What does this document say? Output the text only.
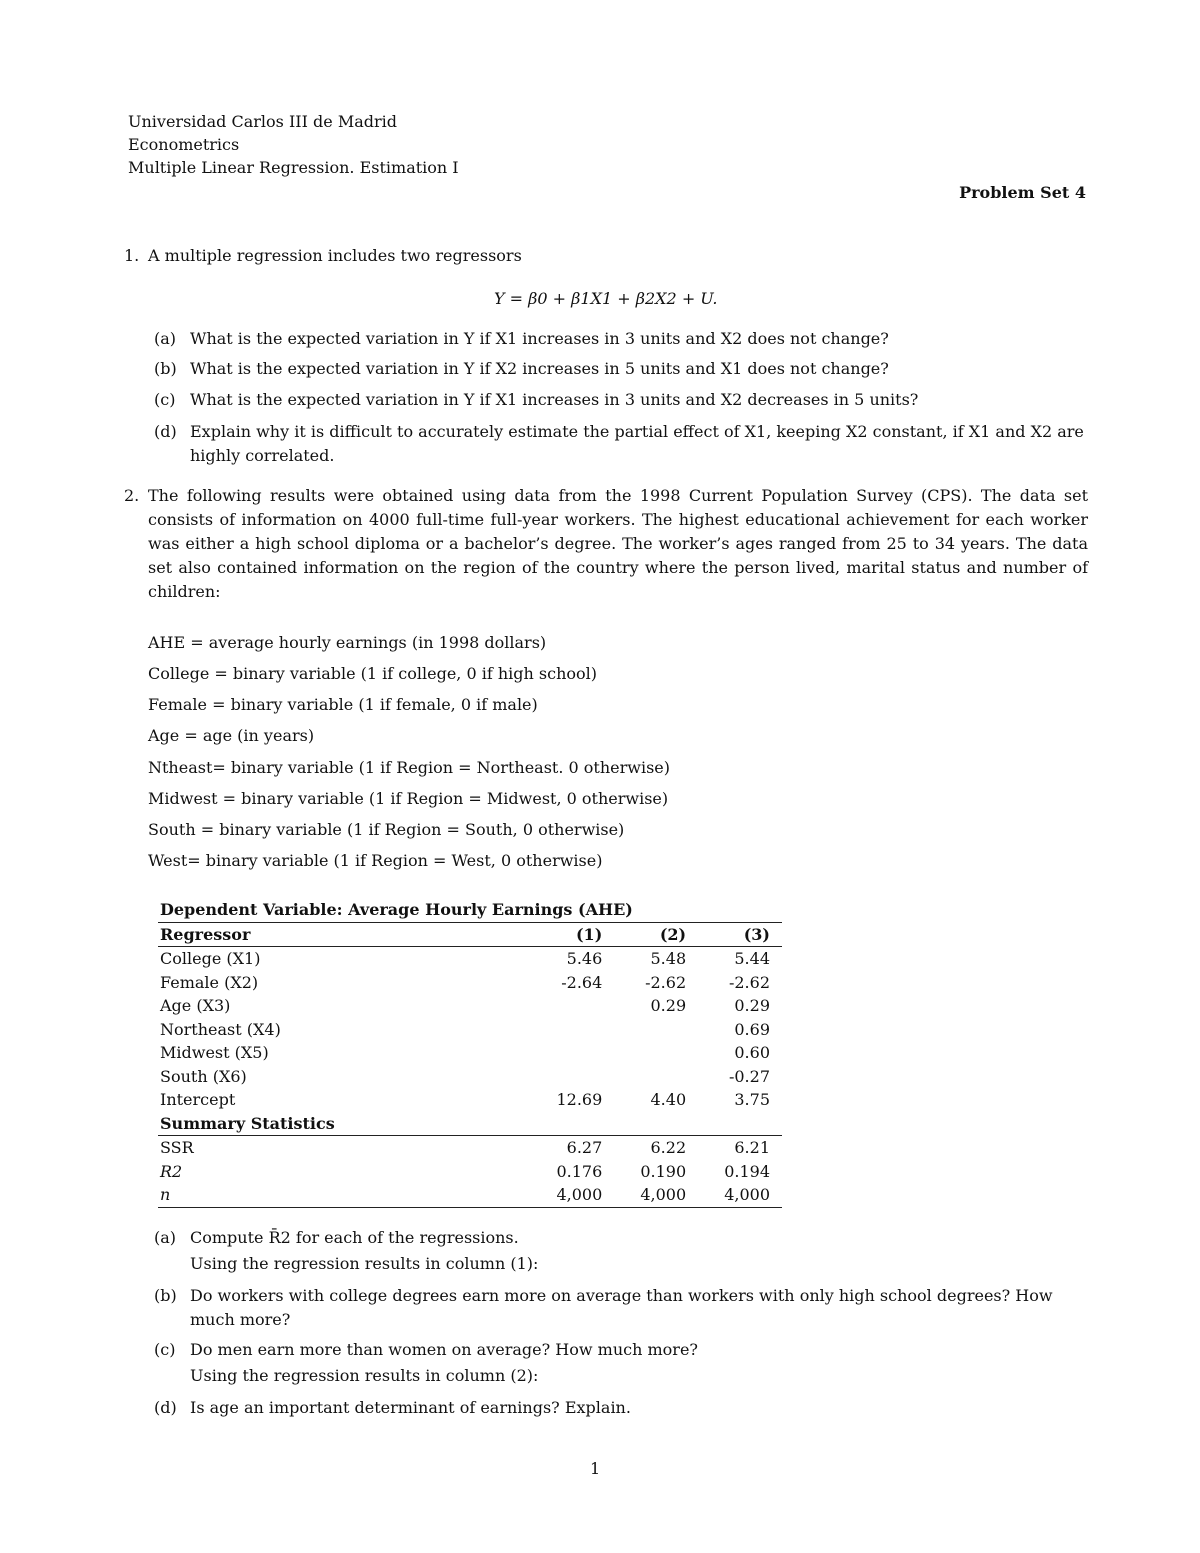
Universidad Carlos III de Madrid
Econometrics
Multiple Linear Regression. Estimation I
Problem Set 4
1. A multiple regression includes two regressors
Y = β0 + β1X1 + β2X2 + U.
(a) What is the expected variation in Y if X1 increases in 3 units and X2 does not change?
(b) What is the expected variation in Y if X2 increases in 5 units and X1 does not change?
(c) What is the expected variation in Y if X1 increases in 3 units and X2 decreases in 5 units?
(d) Explain why it is difficult to accurately estimate the partial effect of X1, keeping X2 constant, if X1 and X2 are highly correlated.
2. The following results were obtained using data from the 1998 Current Population Survey (CPS). The data set consists of information on 4000 full-time full-year workers. The highest educational achievement for each worker was either a high school diploma or a bachelor’s degree. The worker’s ages ranged from 25 to 34 years. The data set also contained information on the region of the country where the person lived, marital status and number of children:
AHE = average hourly earnings (in 1998 dollars)
College = binary variable (1 if college, 0 if high school)
Female = binary variable (1 if female, 0 if male)
Age = age (in years)
Ntheast= binary variable (1 if Region = Northeast. 0 otherwise)
Midwest = binary variable (1 if Region = Midwest, 0 otherwise)
South = binary variable (1 if Region = South, 0 otherwise)
West= binary variable (1 if Region = West, 0 otherwise)
Dependent Variable: Average Hourly Earnings (AHE)			
Regressor	(1)	(2)	(3)
College (X1)	5.46	5.48	5.44
Female (X2)	-2.64	-2.62	-2.62
Age (X3)		0.29	0.29
Northeast (X4)			0.69
Midwest (X5)			0.60
South (X6)			-0.27
Intercept	12.69	4.40	3.75
Summary Statistics			
SSR	6.27	6.22	6.21
R2	0.176	0.190	0.194
n	4,000	4,000	4,000
(a) Compute R̄2 for each of the regressions.
Using the regression results in column (1):
(b) Do workers with college degrees earn more on average than workers with only high school degrees? How much more?
(c) Do men earn more than women on average? How much more?
Using the regression results in column (2):
(d) Is age an important determinant of earnings? Explain.
1
